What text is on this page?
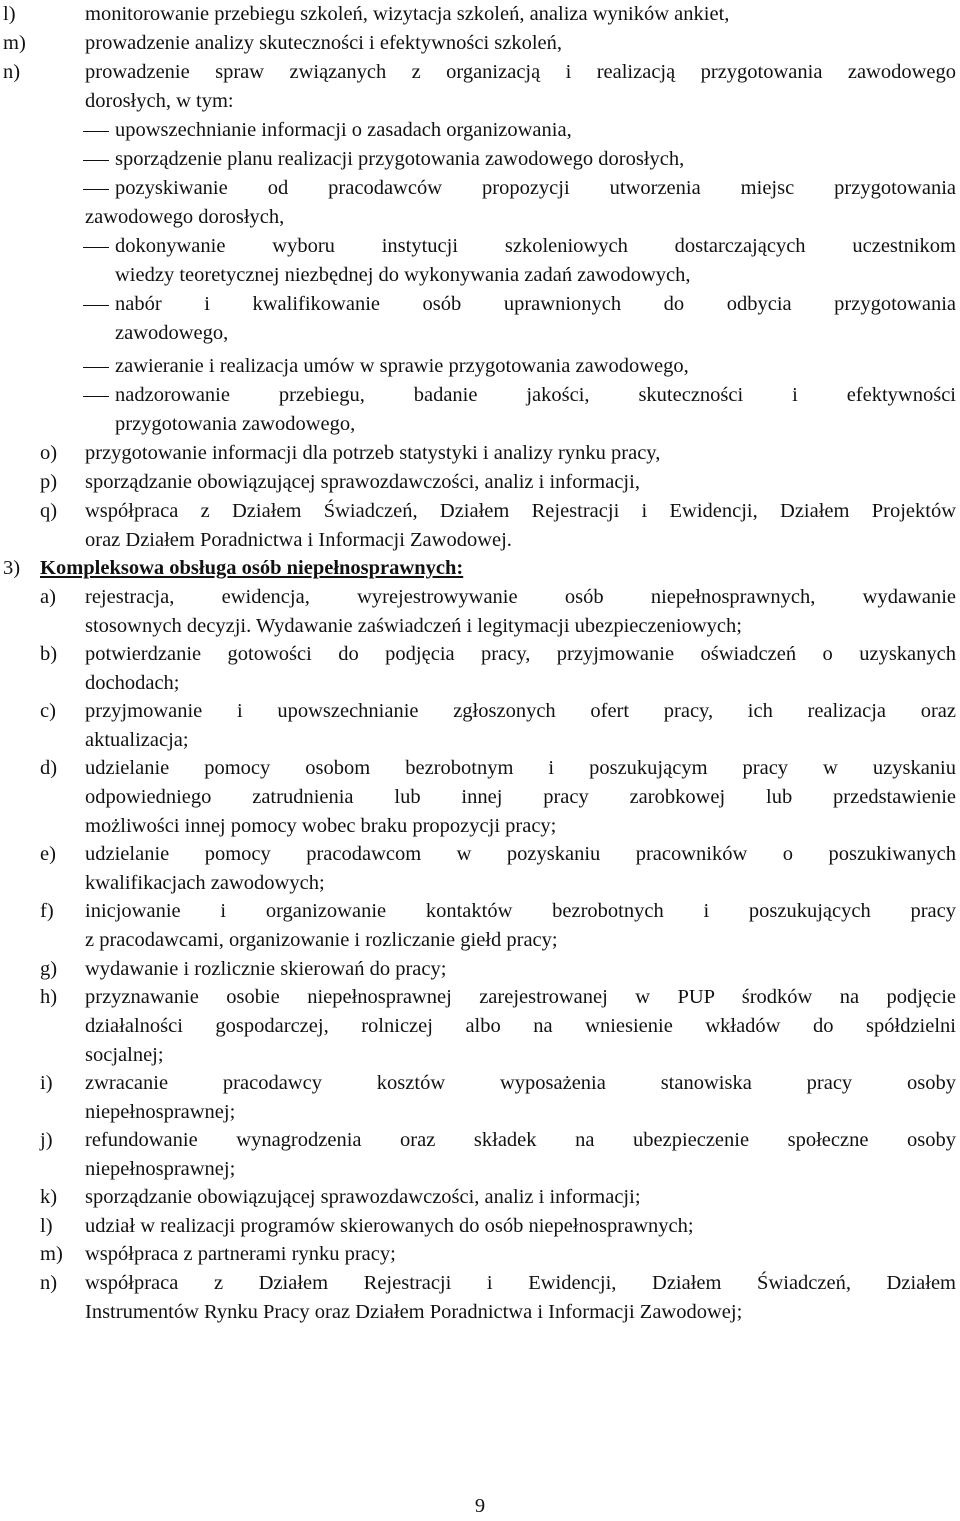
l)	monitorowanie przebiegu szkoleń, wizytacja szkoleń, analiza wyników ankiet,
m)	prowadzenie analizy skuteczności i efektywności szkoleń,
n)	prowadzenie spraw związanych z organizacją i realizacją przygotowania zawodowego
dorosłych, w tym:
upowszechnianie informacji o zasadach organizowania,
sporządzenie planu realizacji przygotowania zawodowego dorosłych,
pozyskiwanie od pracodawców propozycji utworzenia miejsc przygotowania
zawodowego dorosłych,
dokonywanie wyboru instytucji szkoleniowych dostarczających uczestnikom
wiedzy teoretycznej niezbędnej do wykonywania zadań zawodowych,
nabór i kwalifikowanie osób uprawnionych do odbycia przygotowania
zawodowego,
zawieranie i realizacja umów w sprawie przygotowania zawodowego,
nadzorowanie przebiegu, badanie jakości, skuteczności i efektywności
przygotowania zawodowego,
o) przygotowanie informacji dla potrzeb statystyki i analizy rynku pracy,
p) sporządzanie obowiązującej sprawozdawczości, analiz i informacji,
q) współpraca z Działem Świadczeń, Działem Rejestracji i Ewidencji, Działem Projektów
oraz Działem Poradnictwa i Informacji Zawodowej.
3) Kompleksowa obsługa osób niepełnosprawnych:
a) rejestracja, ewidencja, wyrejestrowywanie osób niepełnosprawnych, wydawanie
stosownych decyzji. Wydawanie zaświadczeń i legitymacji ubezpieczeniowych;
b) potwierdzanie gotowości do podjęcia pracy, przyjmowanie oświadczeń o uzyskanych
dochodach;
c) przyjmowanie i upowszechnianie zgłoszonych ofert pracy, ich realizacja oraz
aktualizacja;
d) udzielanie pomocy osobom bezrobotnym i poszukującym pracy w uzyskaniu
odpowiedniego zatrudnienia lub innej pracy zarobkowej lub przedstawienie
możliwości innej pomocy wobec braku propozycji pracy;
e) udzielanie pomocy pracodawcom w pozyskaniu pracowników o poszukiwanych
kwalifikacjach zawodowych;
f) inicjowanie i organizowanie kontaktów bezrobotnych i poszukujących pracy
z pracodawcami, organizowanie i rozliczanie giełd pracy;
g) wydawanie i rozlicznie skierowań do pracy;
h) przyznawanie osobie niepełnosprawnej zarejestrowanej w PUP środków na podjęcie
działalności gospodarczej, rolniczej albo na wniesienie wkładów do spółdzielni
socjalnej;
i) zwracanie pracodawcy kosztów wyposażenia stanowiska pracy osoby
niepełnosprawnej;
j) refundowanie wynagrodzenia oraz składek na ubezpieczenie społeczne osoby
niepełnosprawnej;
k) sporządzanie obowiązującej sprawozdawczości, analiz i informacji;
l) udział w realizacji programów skierowanych do osób niepełnosprawnych;
m) współpraca z partnerami rynku pracy;
n) współpraca z Działem Rejestracji i Ewidencji, Działem Świadczeń, Działem
Instrumentów Rynku Pracy oraz Działem Poradnictwa i Informacji Zawodowej;
9
